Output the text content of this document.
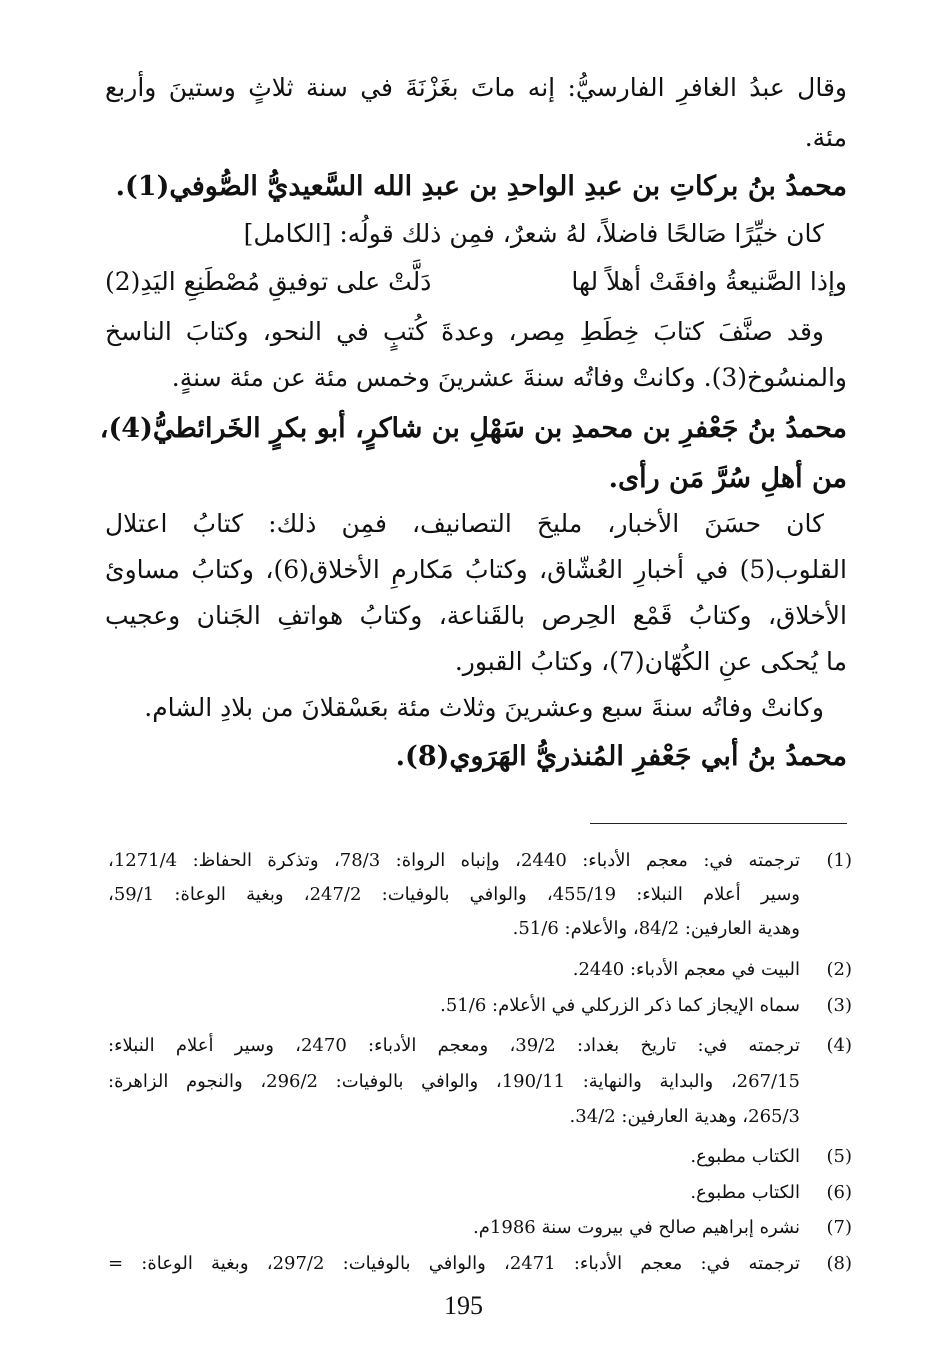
وقال عبدُ الغافرِ الفارسيُّ: إنه ماتَ بغَزْنَةَ في سنة ثلاثٍ وستينَ وأربع
مئة.
محمدُ بنُ بركاتِ بن عبدِ الواحدِ بن عبدِ الله السَّعيديُّ الصُّوفي(1).
كان خيِّرًا صَالحًا فاضلاً، لهُ شعرٌ، فمِن ذلك قولُه: [الكامل]
وإذا الصَّنيعةُ وافقَتْ أهلاً لها
دَلَّتْ على توفيقِ مُصْطَنِعِ اليَدِ(2)
وقد صنَّفَ كتابَ خِطَطِ مِصر، وعدةَ كُتبٍ في النحو، وكتابَ الناسخ
والمنسُوخ(3). وكانتْ وفاتُه سنةَ عشرينَ وخمس مئة عن مئة سنةٍ.
محمدُ بنُ جَعْفرِ بن محمدِ بن سَهْلِ بن شاكرٍ، أبو بكرٍ الخَرائطيُّ(4)،
من أهلِ سُرَّ مَن رأى.
كان حسَنَ الأخبار، مليحَ التصانيف، فمِن ذلك: كتابُ اعتلال
القلوب(5) في أخبارِ العُشّاق، وكتابُ مَكارمِ الأخلاق(6)، وكتابُ مساوئ
الأخلاق، وكتابُ قَمْع الحِرص بالقَناعة، وكتابُ هواتفِ الجَنان وعجيب
ما يُحكى عنِ الكُهّان(7)، وكتابُ القبور.
وكانتْ وفاتُه سنةَ سبع وعشرينَ وثلاث مئة بعَسْقلانَ من بلادِ الشام.
محمدُ بنُ أبي جَعْفرِ المُنذريُّ الهَرَوي(8).
(1)
ترجمته في: معجم الأدباء: 2440، وإنباه الرواة: 78/3، وتذكرة الحفاظ: 1271/4،
وسير أعلام النبلاء: 455/19، والوافي بالوفيات: 247/2، وبغية الوعاة: 59/1،
وهدية العارفين: 84/2، والأعلام: 51/6.
(2)
البيت في معجم الأدباء: 2440.
(3)
سماه الإيجاز كما ذكر الزركلي في الأعلام: 51/6.
(4)
ترجمته في: تاريخ بغداد: 39/2، ومعجم الأدباء: 2470، وسير أعلام النبلاء:
267/15، والبداية والنهاية: 190/11، والوافي بالوفيات: 296/2، والنجوم الزاهرة:
265/3، وهدية العارفين: 34/2.
(5)
الكتاب مطبوع.
(6)
الكتاب مطبوع.
(7)
نشره إبراهيم صالح في بيروت سنة 1986م.
(8)
ترجمته في: معجم الأدباء: 2471، والوافي بالوفيات: 297/2، وبغية الوعاة: =
195
